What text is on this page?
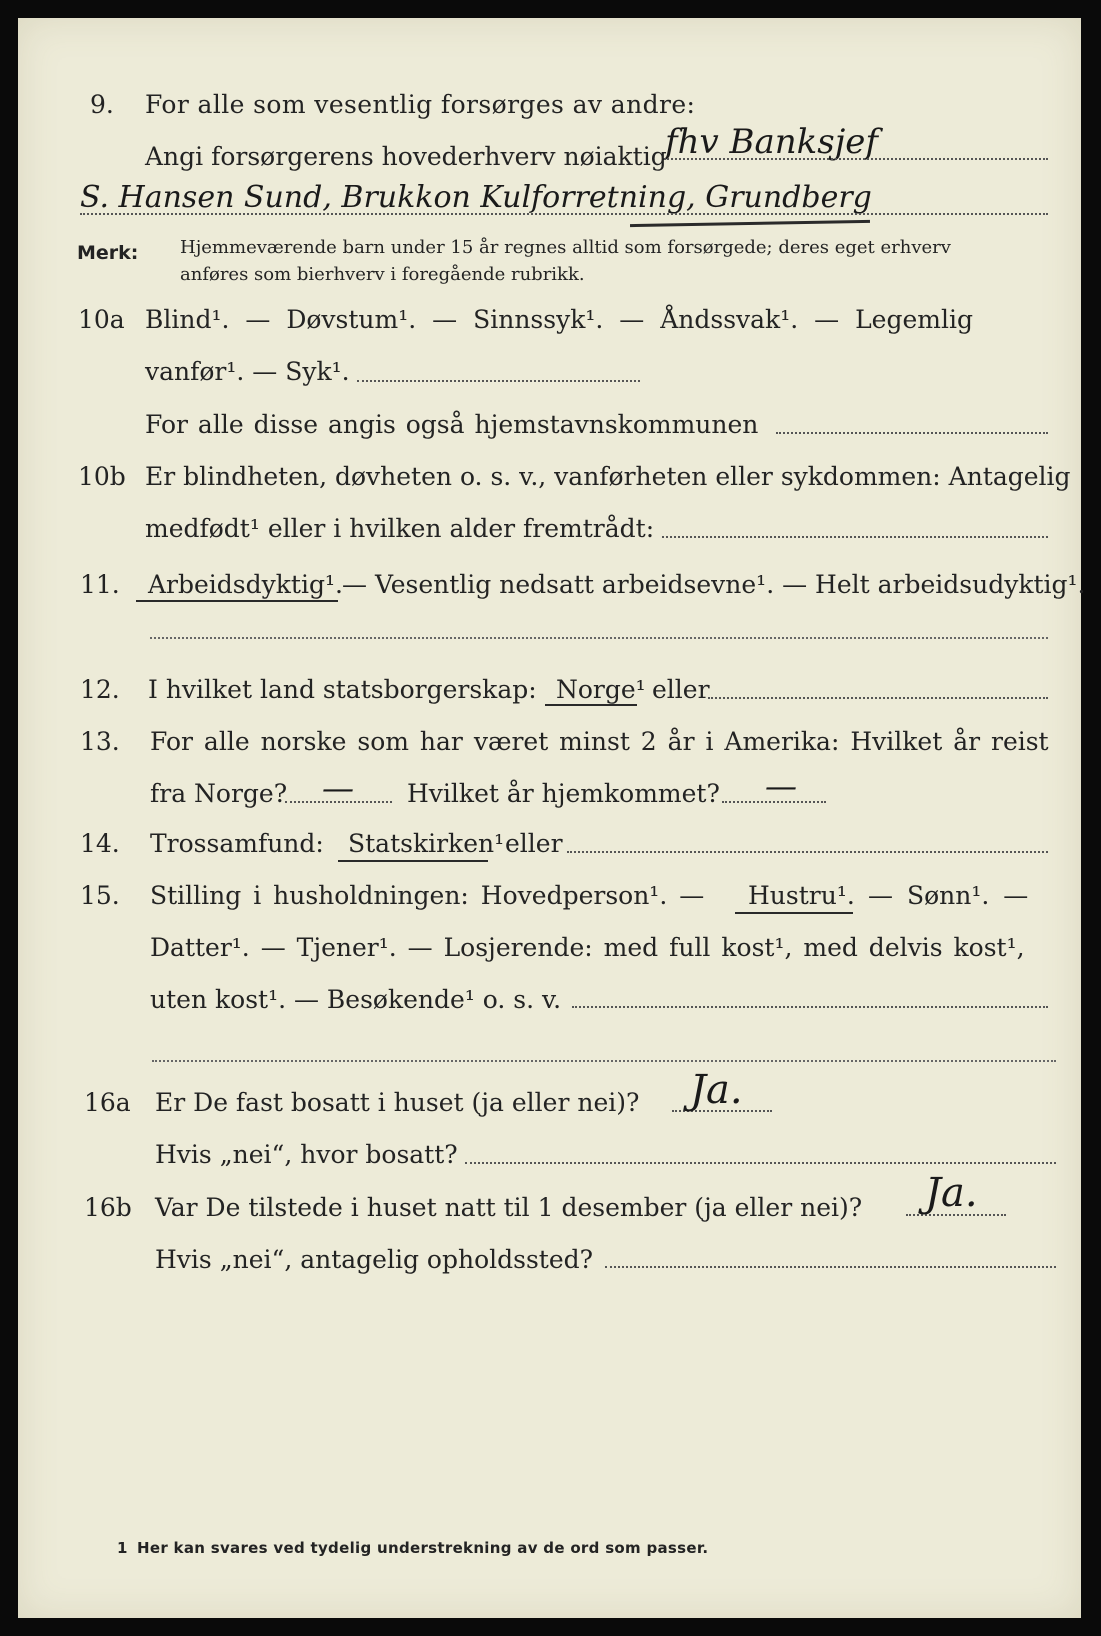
9. For alle som vesentlig forsørges av andre:
Angi forsørgerens hovederhverv nøiaktig
fhv Banksjef
S. Hansen Sund, Brukkon Kulforretning, Grundberg
Merk: Hjemmeværende barn under 15 år regnes alltid som forsørgede; deres eget erhverv
anføres som bierhverv i foregående rubrikk.
10a Blind¹. — Døvstum¹. — Sinnssyk¹. — Åndssvak¹. — Legemlig
vanfør¹. — Syk¹.
For alle disse angis også hjemstavnskommunen
10b Er blindheten, døvheten o. s. v., vanførheten eller sykdommen: Antagelig
medfødt¹ eller i hvilken alder fremtrådt:
11. Arbeidsdyktig¹. — Vesentlig nedsatt arbeidsevne¹. — Helt arbeidsudyktig¹.
12. I hvilket land statsborgerskap: Norge¹ eller
13. For alle norske som har været minst 2 år i Amerika: Hvilket år reist
fra Norge? — Hvilket år hjemkommet? —
14. Trossamfund: Statskirken¹ eller
15. Stilling i husholdningen: Hovedperson¹. — Hustru¹. — Sønn¹. —
Datter¹. — Tjener¹. — Losjerende: med full kost¹, med delvis kost¹,
uten kost¹. — Besøkende¹ o. s. v.
16a Er De fast bosatt i huset (ja eller nei)? Ja.
Hvis „nei“, hvor bosatt?
16b Var De tilstede i huset natt til 1 desember (ja eller nei)? Ja.
Hvis „nei“, antagelig opholdssted?
1 Her kan svares ved tydelig understrekning av de ord som passer.
